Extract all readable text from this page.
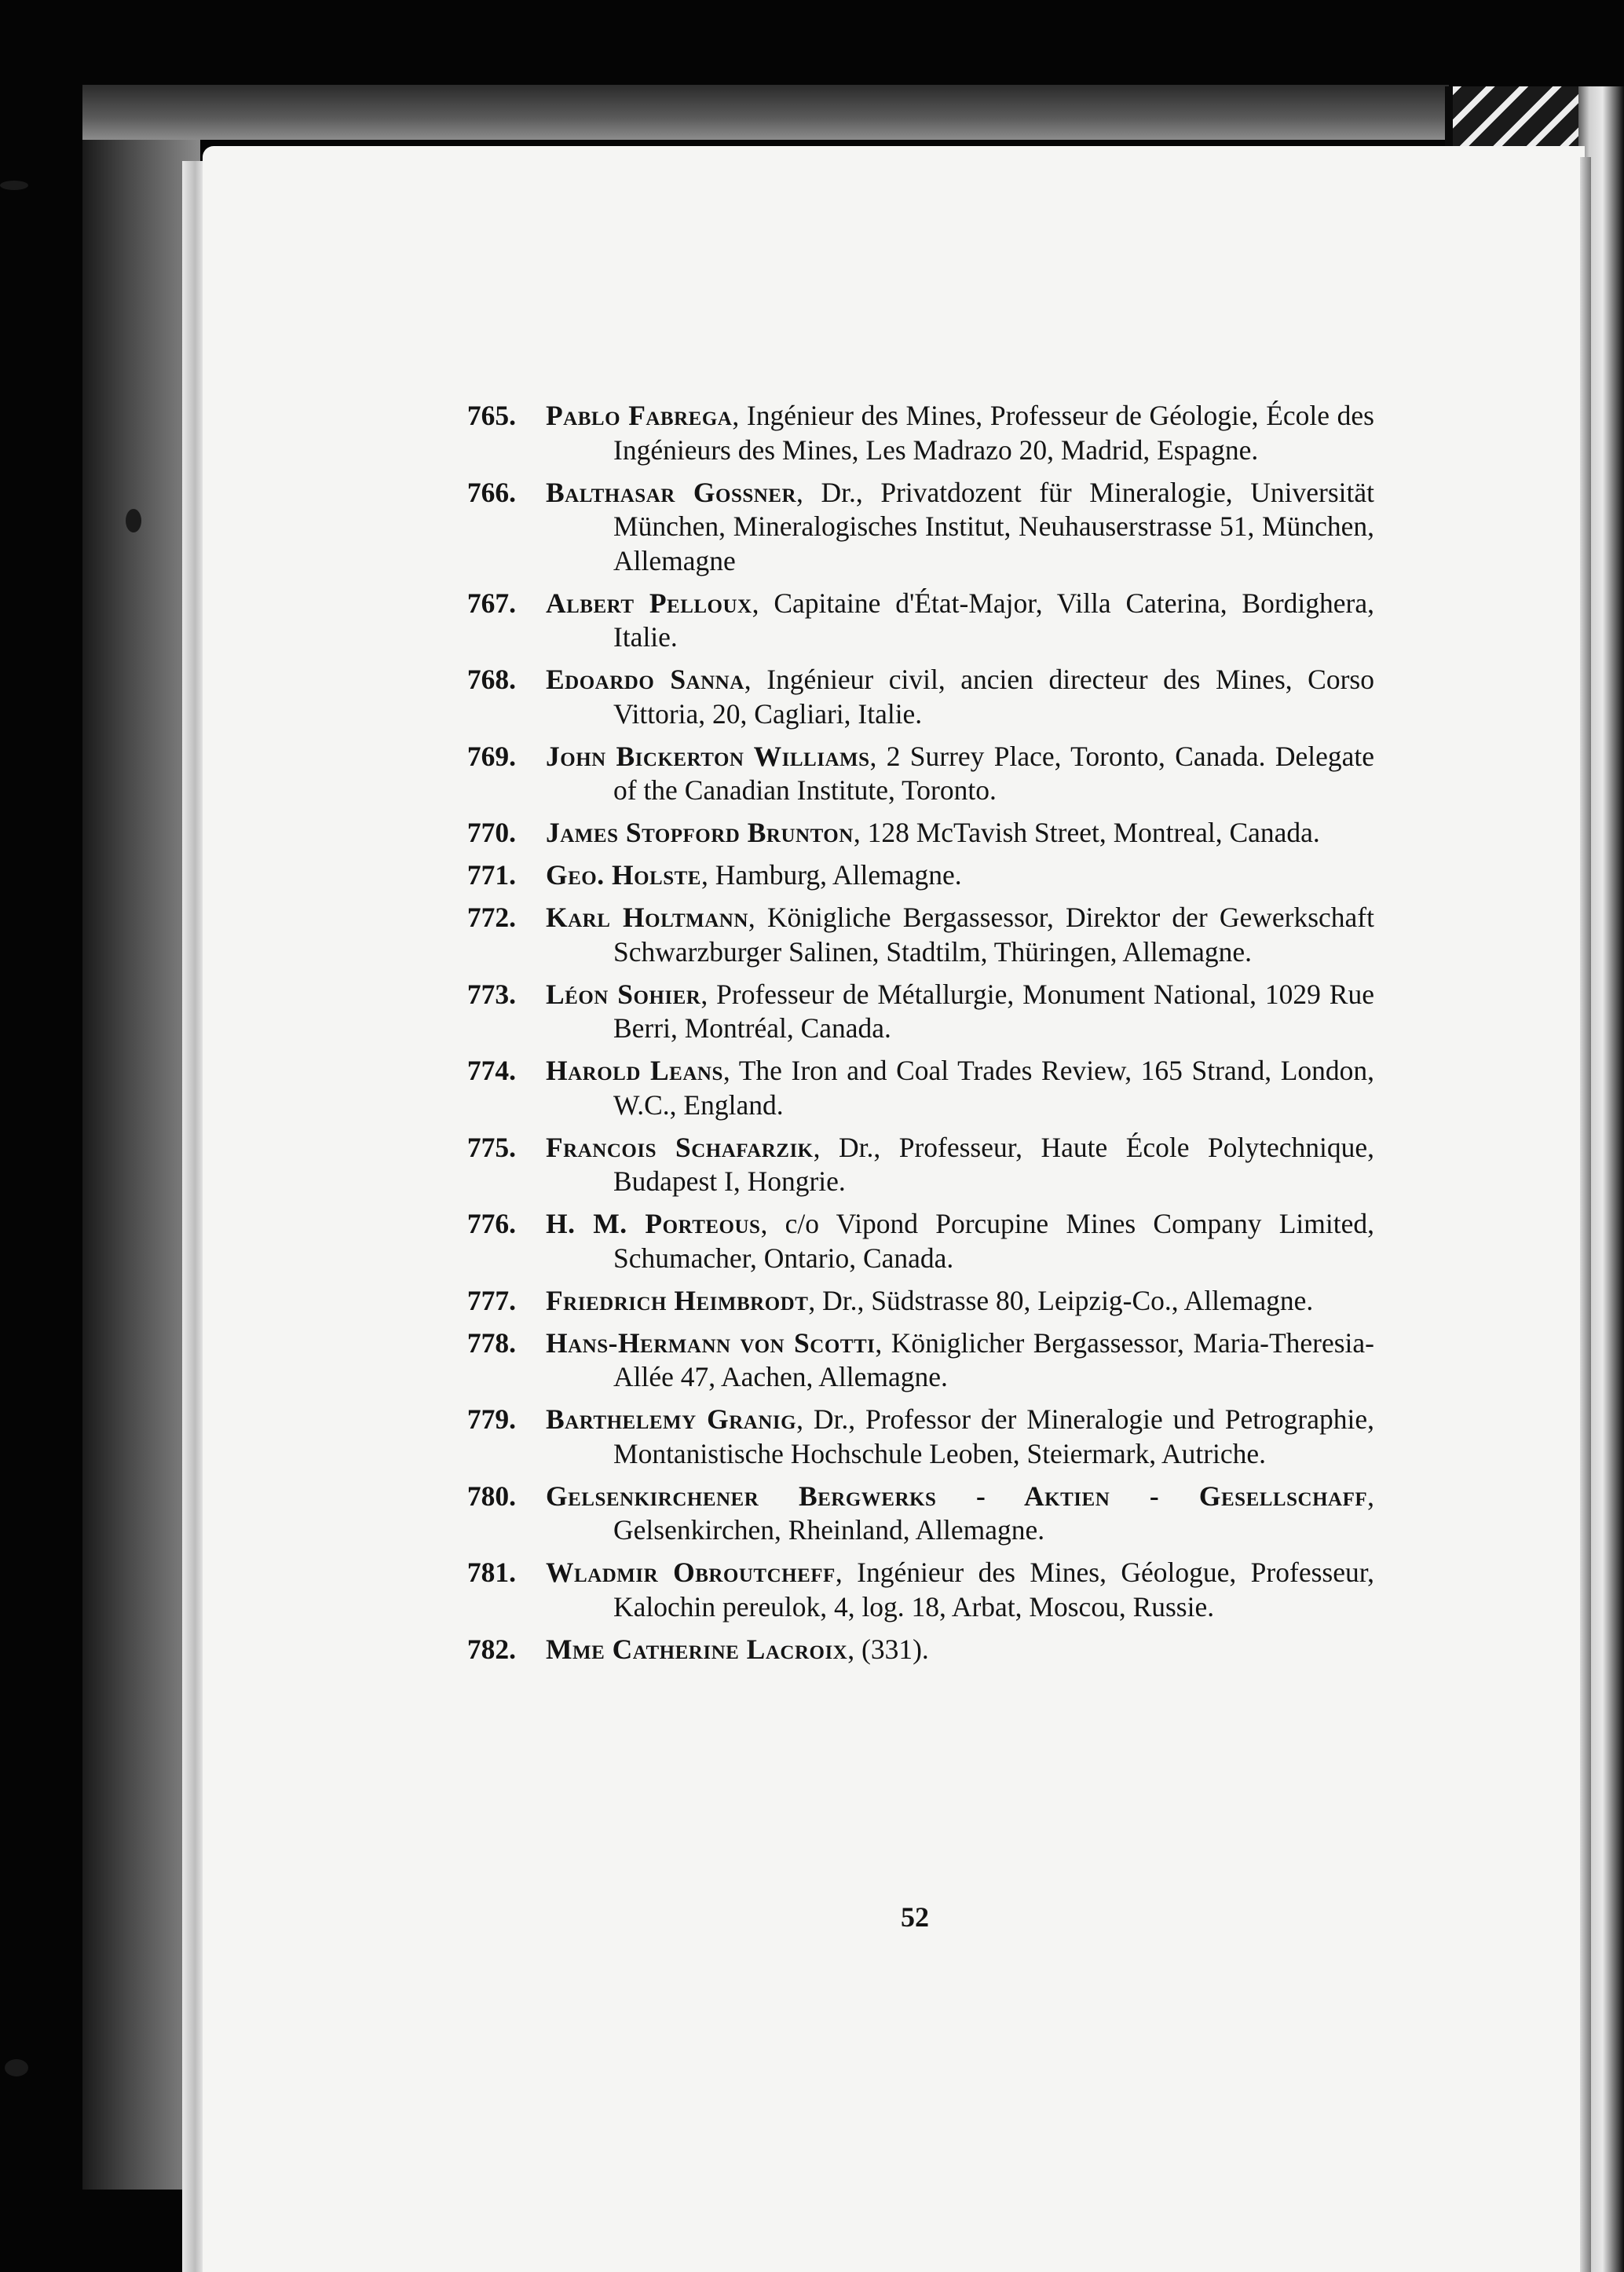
765. Pablo Fabrega, Ingénieur des Mines, Professeur de Géologie, École des Ingénieurs des Mines, Les Madrazo 20, Madrid, Espagne.
766. Balthasar Gossner, Dr., Privatdozent für Mineralogie, Universität München, Mineralogisches Institut, Neuhauserstrasse 51, München, Allemagne
767. Albert Pelloux, Capitaine d'État-Major, Villa Caterina, Bordighera, Italie.
768. Edoardo Sanna, Ingénieur civil, ancien directeur des Mines, Corso Vittoria, 20, Cagliari, Italie.
769. John Bickerton Williams, 2 Surrey Place, Toronto, Canada. Delegate of the Canadian Institute, Toronto.
770. James Stopford Brunton, 128 McTavish Street, Montreal, Canada.
771. Geo. Holste, Hamburg, Allemagne.
772. Karl Holtmann, Königliche Bergassessor, Direktor der Gewerkschaft Schwarzburger Salinen, Stadtilm, Thüringen, Allemagne.
773. Léon Sohier, Professeur de Métallurgie, Monument National, 1029 Rue Berri, Montréal, Canada.
774. Harold Leans, The Iron and Coal Trades Review, 165 Strand, London, W.C., England.
775. Francois Schafarzik, Dr., Professeur, Haute École Polytechnique, Budapest I, Hongrie.
776. H. M. Porteous, c/o Vipond Porcupine Mines Company Limited, Schumacher, Ontario, Canada.
777. Friedrich Heimbrodt, Dr., Südstrasse 80, Leipzig-Co., Allemagne.
778. Hans-Hermann von Scotti, Königlicher Bergassessor, Maria-Theresia-Allée 47, Aachen, Allemagne.
779. Barthelemy Granig, Dr., Professor der Mineralogie und Petrographie, Montanistische Hochschule Leoben, Steiermark, Autriche.
780. Gelsenkirchener Bergwerks - Aktien - Gesellschaff, Gelsenkirchen, Rheinland, Allemagne.
781. Wladmir Obroutcheff, Ingénieur des Mines, Géologue, Professeur, Kalochin pereulok, 4, log. 18, Arbat, Moscou, Russie.
782. Mme Catherine Lacroix, (331).
52
